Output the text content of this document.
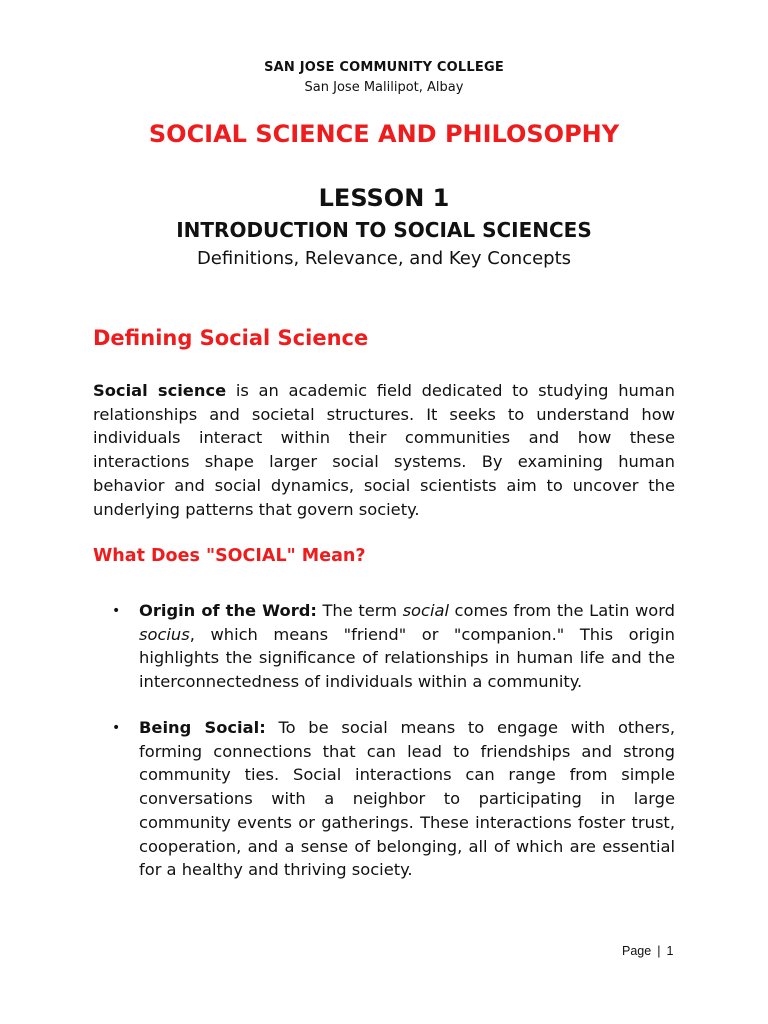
SAN JOSE COMMUNITY COLLEGE
San Jose Malilipot, Albay
SOCIAL SCIENCE AND PHILOSOPHY
LESSON 1
INTRODUCTION TO SOCIAL SCIENCES
Definitions, Relevance, and Key Concepts
Defining Social Science
Social science is an academic field dedicated to studying human relationships and societal structures. It seeks to understand how individuals interact within their communities and how these interactions shape larger social systems. By examining human behavior and social dynamics, social scientists aim to uncover the underlying patterns that govern society.
What Does "SOCIAL" Mean?
• Origin of the Word: The term social comes from the Latin word socius, which means "friend" or "companion." This origin highlights the significance of relationships in human life and the interconnectedness of individuals within a community.
• Being Social: To be social means to engage with others, forming connections that can lead to friendships and strong community ties. Social interactions can range from simple conversations with a neighbor to participating in large community events or gatherings. These interactions foster trust, cooperation, and a sense of belonging, all of which are essential for a healthy and thriving society.
Page | 1
